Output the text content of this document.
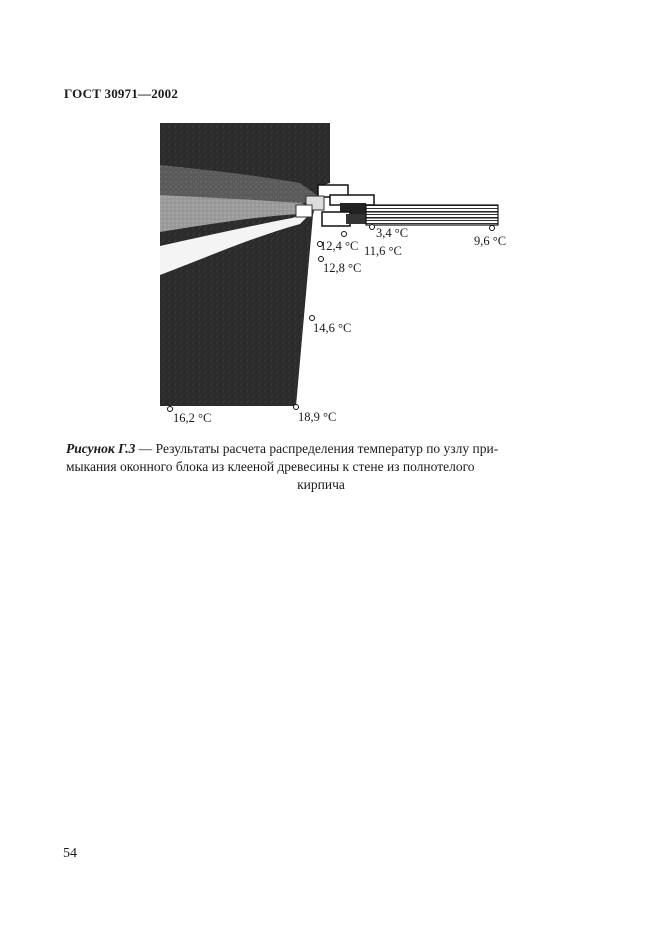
ГОСТ 30971—2002
3,4 °C
9,6 °C
12,4 °C 11,6 °C
12,8 °C
14,6 °C
16,2 °C	18,9 °C
Рисунок Г.3 — Результаты расчета распределения температур по узлу при-
мыкания оконного блока из клееной древесины к стене из полнотелого
кирпича
54
